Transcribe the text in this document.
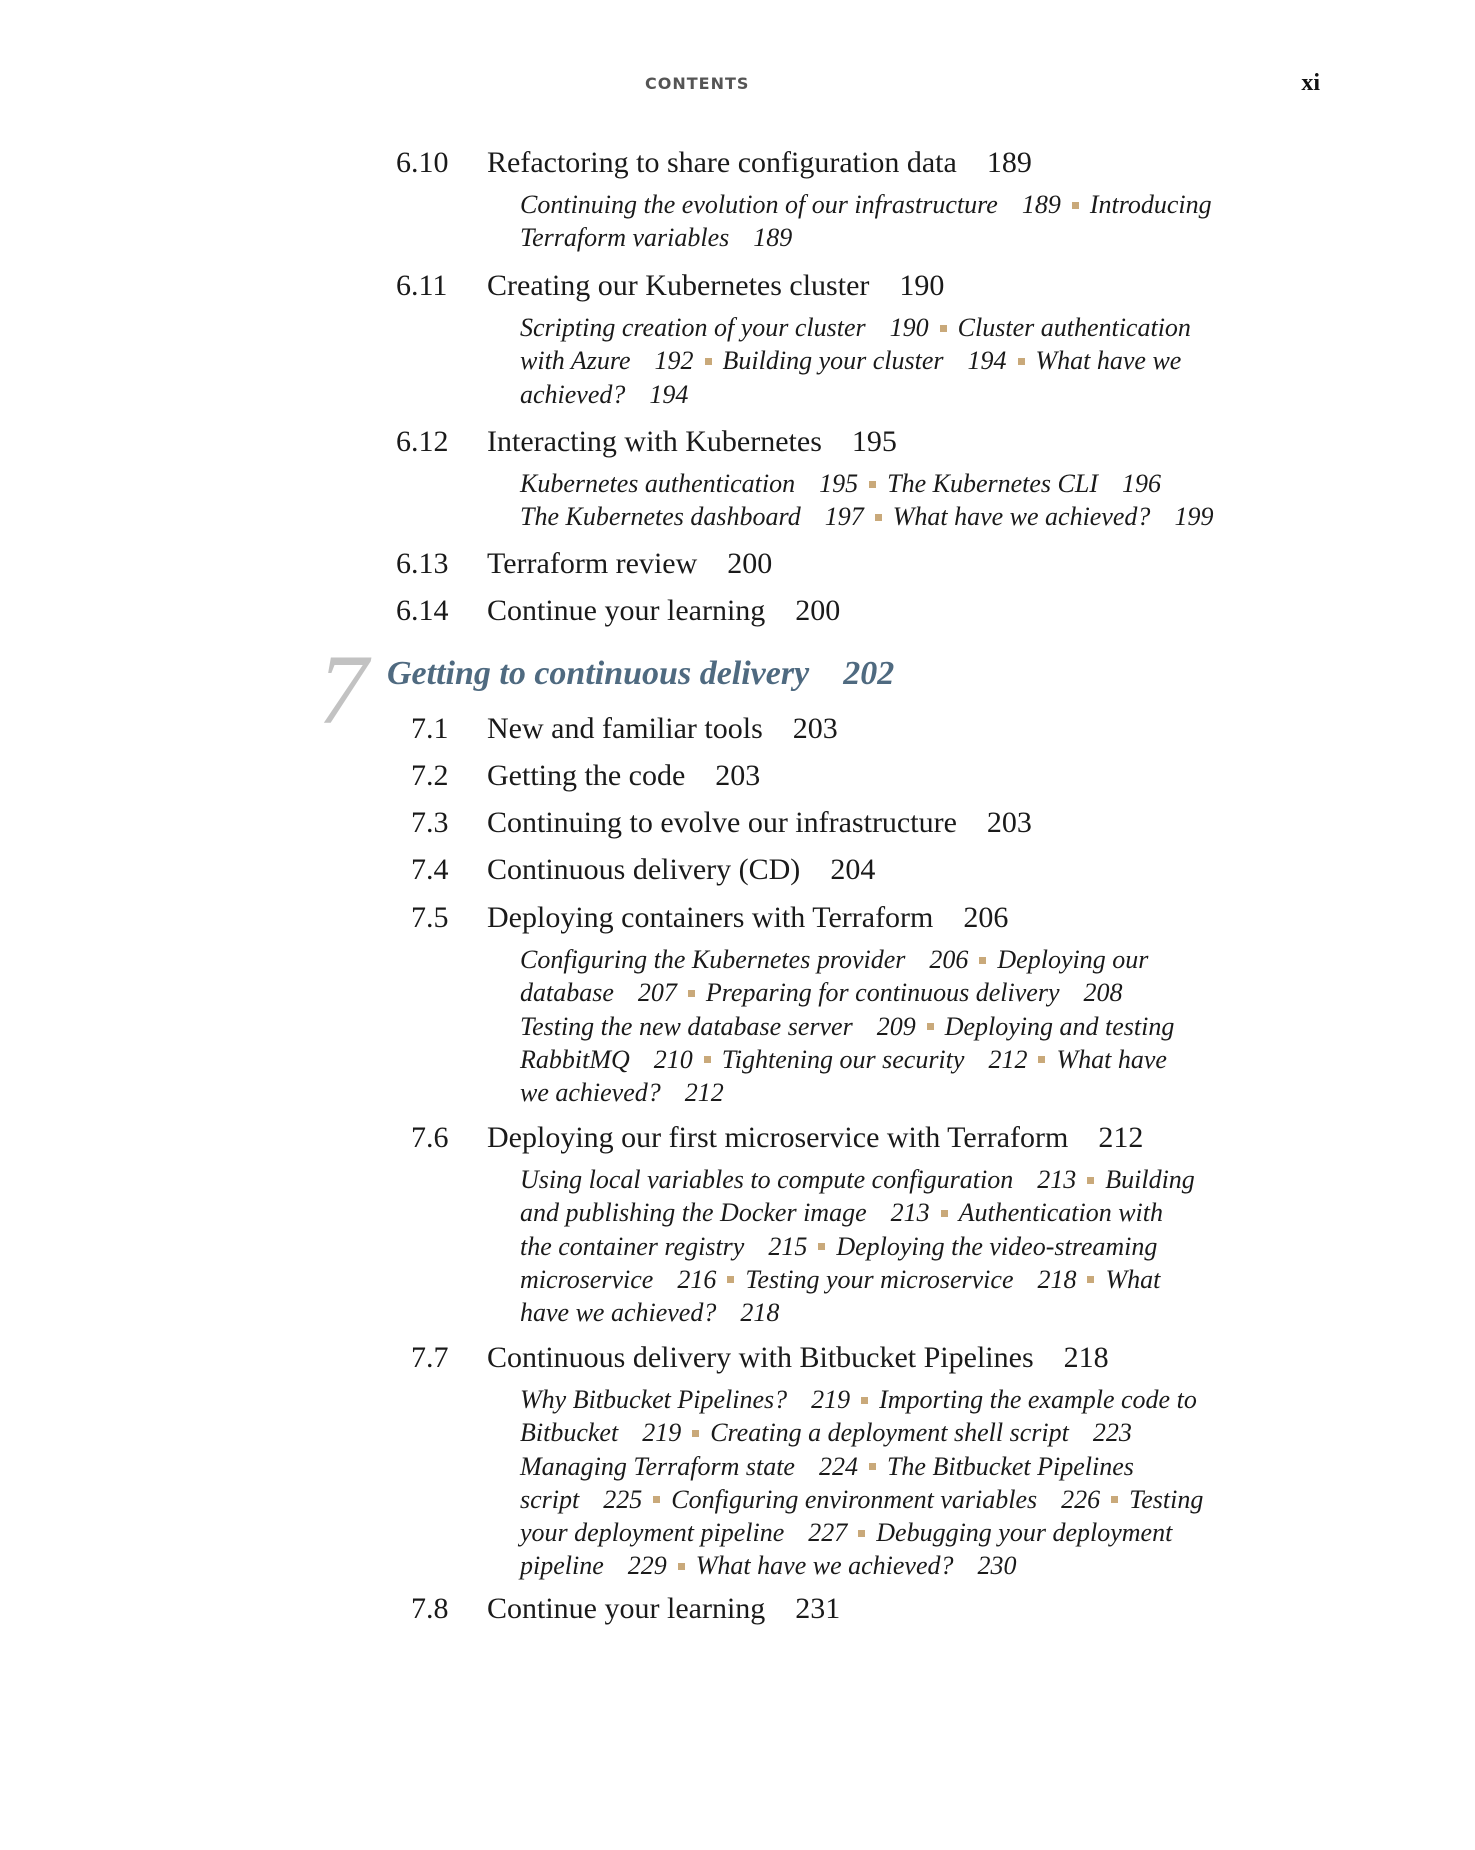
CONTENTS	xi
6.10 Refactoring to share configuration data 189
6.11 Creating our Kubernetes cluster 190
6.12 Interacting with Kubernetes 195
6.13 Terraform review 200
6.14 Continue your learning 200
Continuing the evolution of our infrastructure 189 Introducing
Terraform variables 189
Scripting creation of your cluster 190 Cluster authentication
with Azure 192 Building your cluster 194 What have we
achieved? 194
Kubernetes authentication 195 The Kubernetes CLI 196
The Kubernetes dashboard 197 What have we achieved? 199
7 Getting to continuous delivery 202
7.1 New and familiar tools 203
7.2 Getting the code 203
7.3 Continuing to evolve our infrastructure 203
7.4 Continuous delivery (CD) 204
7.5 Deploying containers with Terraform 206
7.6 Deploying our first microservice with Terraform 212
7.7 Continuous delivery with Bitbucket Pipelines 218
7.8 Continue your learning 231
Configuring the Kubernetes provider 206 Deploying our
database 207 Preparing for continuous delivery 208
Testing the new database server 209 Deploying and testing
RabbitMQ 210 Tightening our security 212 What have
we achieved? 212
Using local variables to compute configuration 213 Building
and publishing the Docker image 213 Authentication with
the container registry 215 Deploying the video-streaming
microservice 216 Testing your microservice 218 What
have we achieved? 218
Why Bitbucket Pipelines? 219 Importing the example code to
Bitbucket 219 Creating a deployment shell script 223
Managing Terraform state 224 The Bitbucket Pipelines
script 225 Configuring environment variables 226 Testing
your deployment pipeline 227 Debugging your deployment
pipeline 229 What have we achieved? 230
